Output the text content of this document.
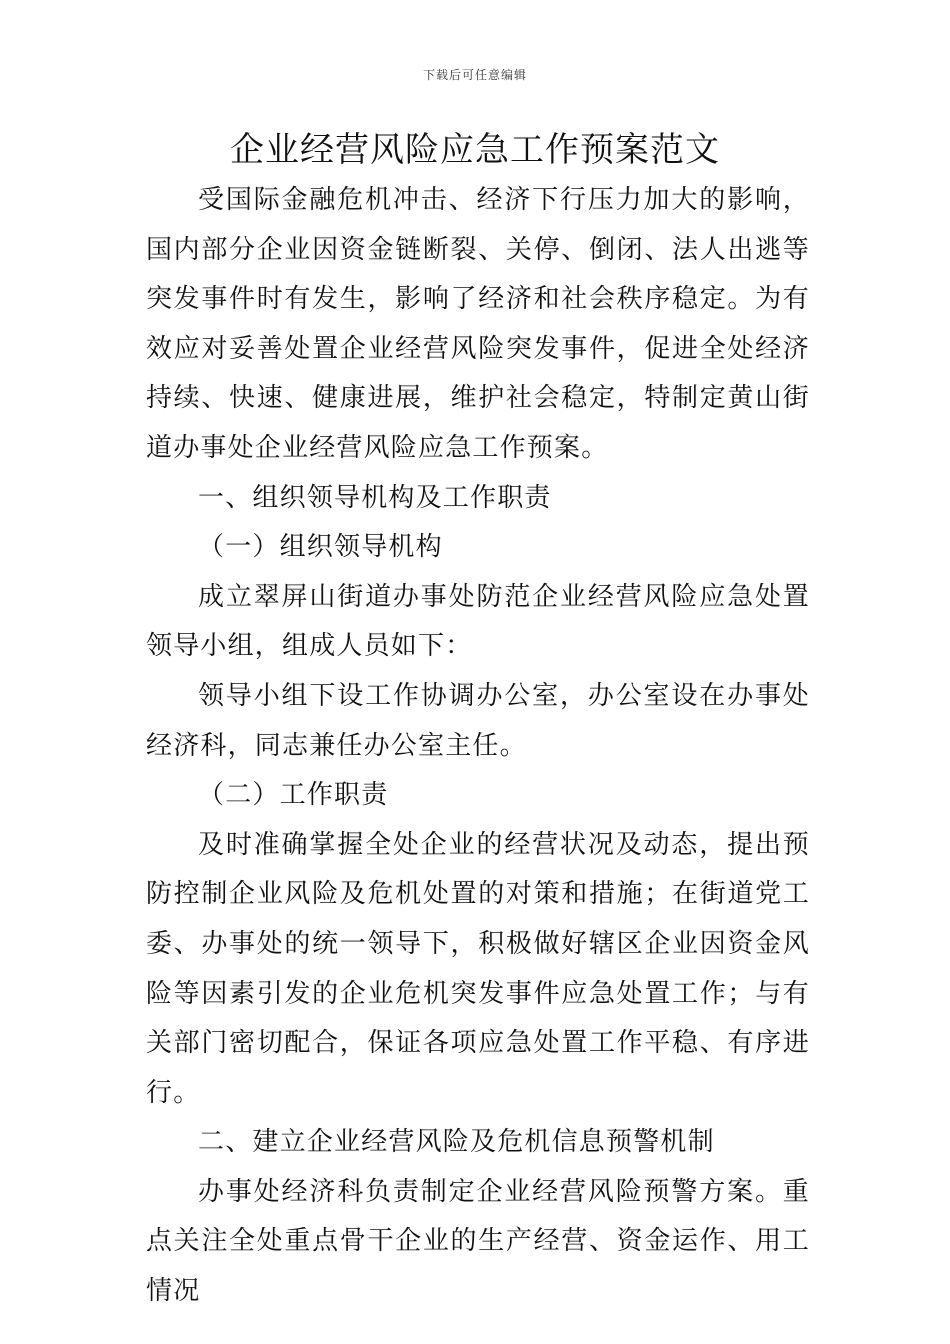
下载后可任意编辑
企业经营风险应急工作预案范文

受国际金融危机冲击、经济下行压力加大的影响，国内部分企业因资金链断裂、关停、倒闭、法人出逃等突发事件时有发生，影响了经济和社会秩序稳定。为有效应对妥善处置企业经营风险突发事件，促进全处经济持续、快速、健康进展，维护社会稳定，特制定黄山街道办事处企业经营风险应急工作预案。

一、组织领导机构及工作职责

（一）组织领导机构

成立翠屏山街道办事处防范企业经营风险应急处置领导小组，组成人员如下：

领导小组下设工作协调办公室，办公室设在办事处经济科，同志兼任办公室主任。

（二）工作职责

及时准确掌握全处企业的经营状况及动态，提出预防控制企业风险及危机处置的对策和措施；在街道党工委、办事处的统一领导下，积极做好辖区企业因资金风险等因素引发的企业危机突发事件应急处置工作；与有关部门密切配合，保证各项应急处置工作平稳、有序进行。

二、建立企业经营风险及危机信息预警机制

办事处经济科负责制定企业经营风险预警方案。重点关注全处重点骨干企业的生产经营、资金运作、用工情况
